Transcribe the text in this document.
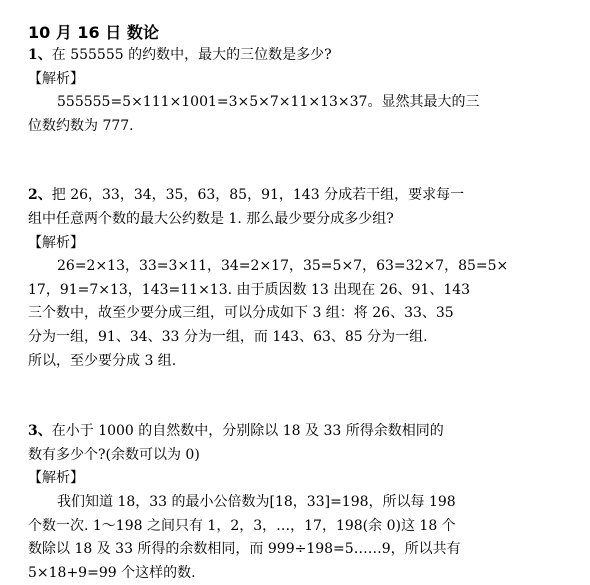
10 月 16 日 数论
1、在 555555 的约数中，最大的三位数是多少?
【解析】
555555=5×111×1001=3×5×7×11×13×37。显然其最大的三
位数约数为 777.
2、把 26，33，34，35，63，85，91，143 分成若干组，要求每一
组中任意两个数的最大公约数是 1. 那么最少要分成多少组?
【解析】
26=2×13，33=3×11，34=2×17，35=5×7，63=32×7，85=5×
17，91=7×13，143=11×13. 由于质因数 13 出现在 26、91、143
三个数中，故至少要分成三组，可以分成如下 3 组：将 26、33、35
分为一组，91、34、33 分为一组，而 143、63、85 分为一组.
所以，至少要分成 3 组.
3、在小于 1000 的自然数中，分别除以 18 及 33 所得余数相同的
数有多少个?(余数可以为 0)
【解析】
我们知道 18，33 的最小公倍数为[18，33]=198，所以每 198
个数一次. 1～198 之间只有 1，2，3，…，17，198(余 0)这 18 个
数除以 18 及 33 所得的余数相同，而 999÷198=5……9，所以共有
5×18+9=99 个这样的数.
